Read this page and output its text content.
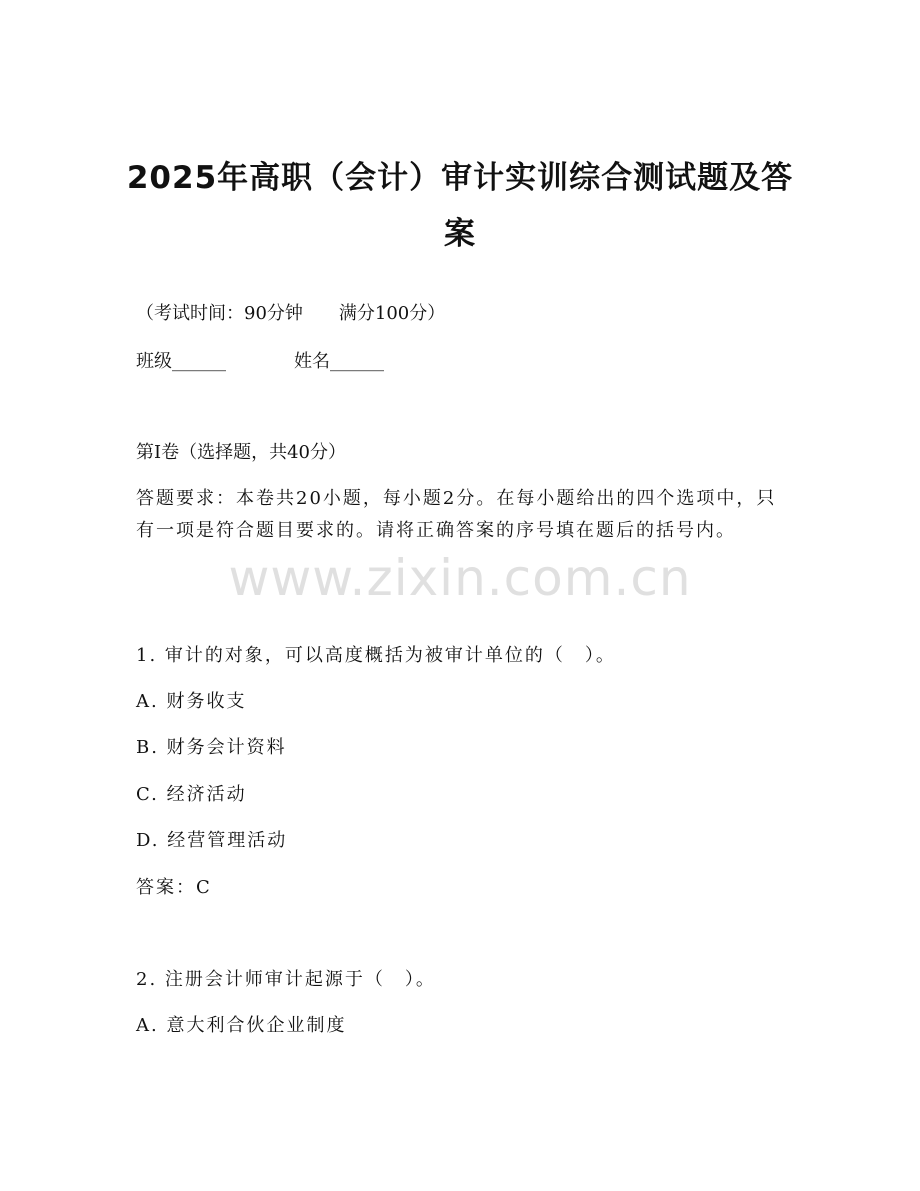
2025年高职（会计）审计实训综合测试题及答案
（考试时间：90分钟　　满分100分）
班级______	姓名______
第Ⅰ卷（选择题，共40分）
答题要求：本卷共20小题，每小题2分。在每小题给出的四个选项中，只有一项是符合题目要求的。请将正确答案的序号填在题后的括号内。
www.zixin.com.cn
1. 审计的对象，可以高度概括为被审计单位的（　）。
A. 财务收支
B. 财务会计资料
C. 经济活动
D. 经营管理活动
答案：C
2. 注册会计师审计起源于（　）。
A. 意大利合伙企业制度
